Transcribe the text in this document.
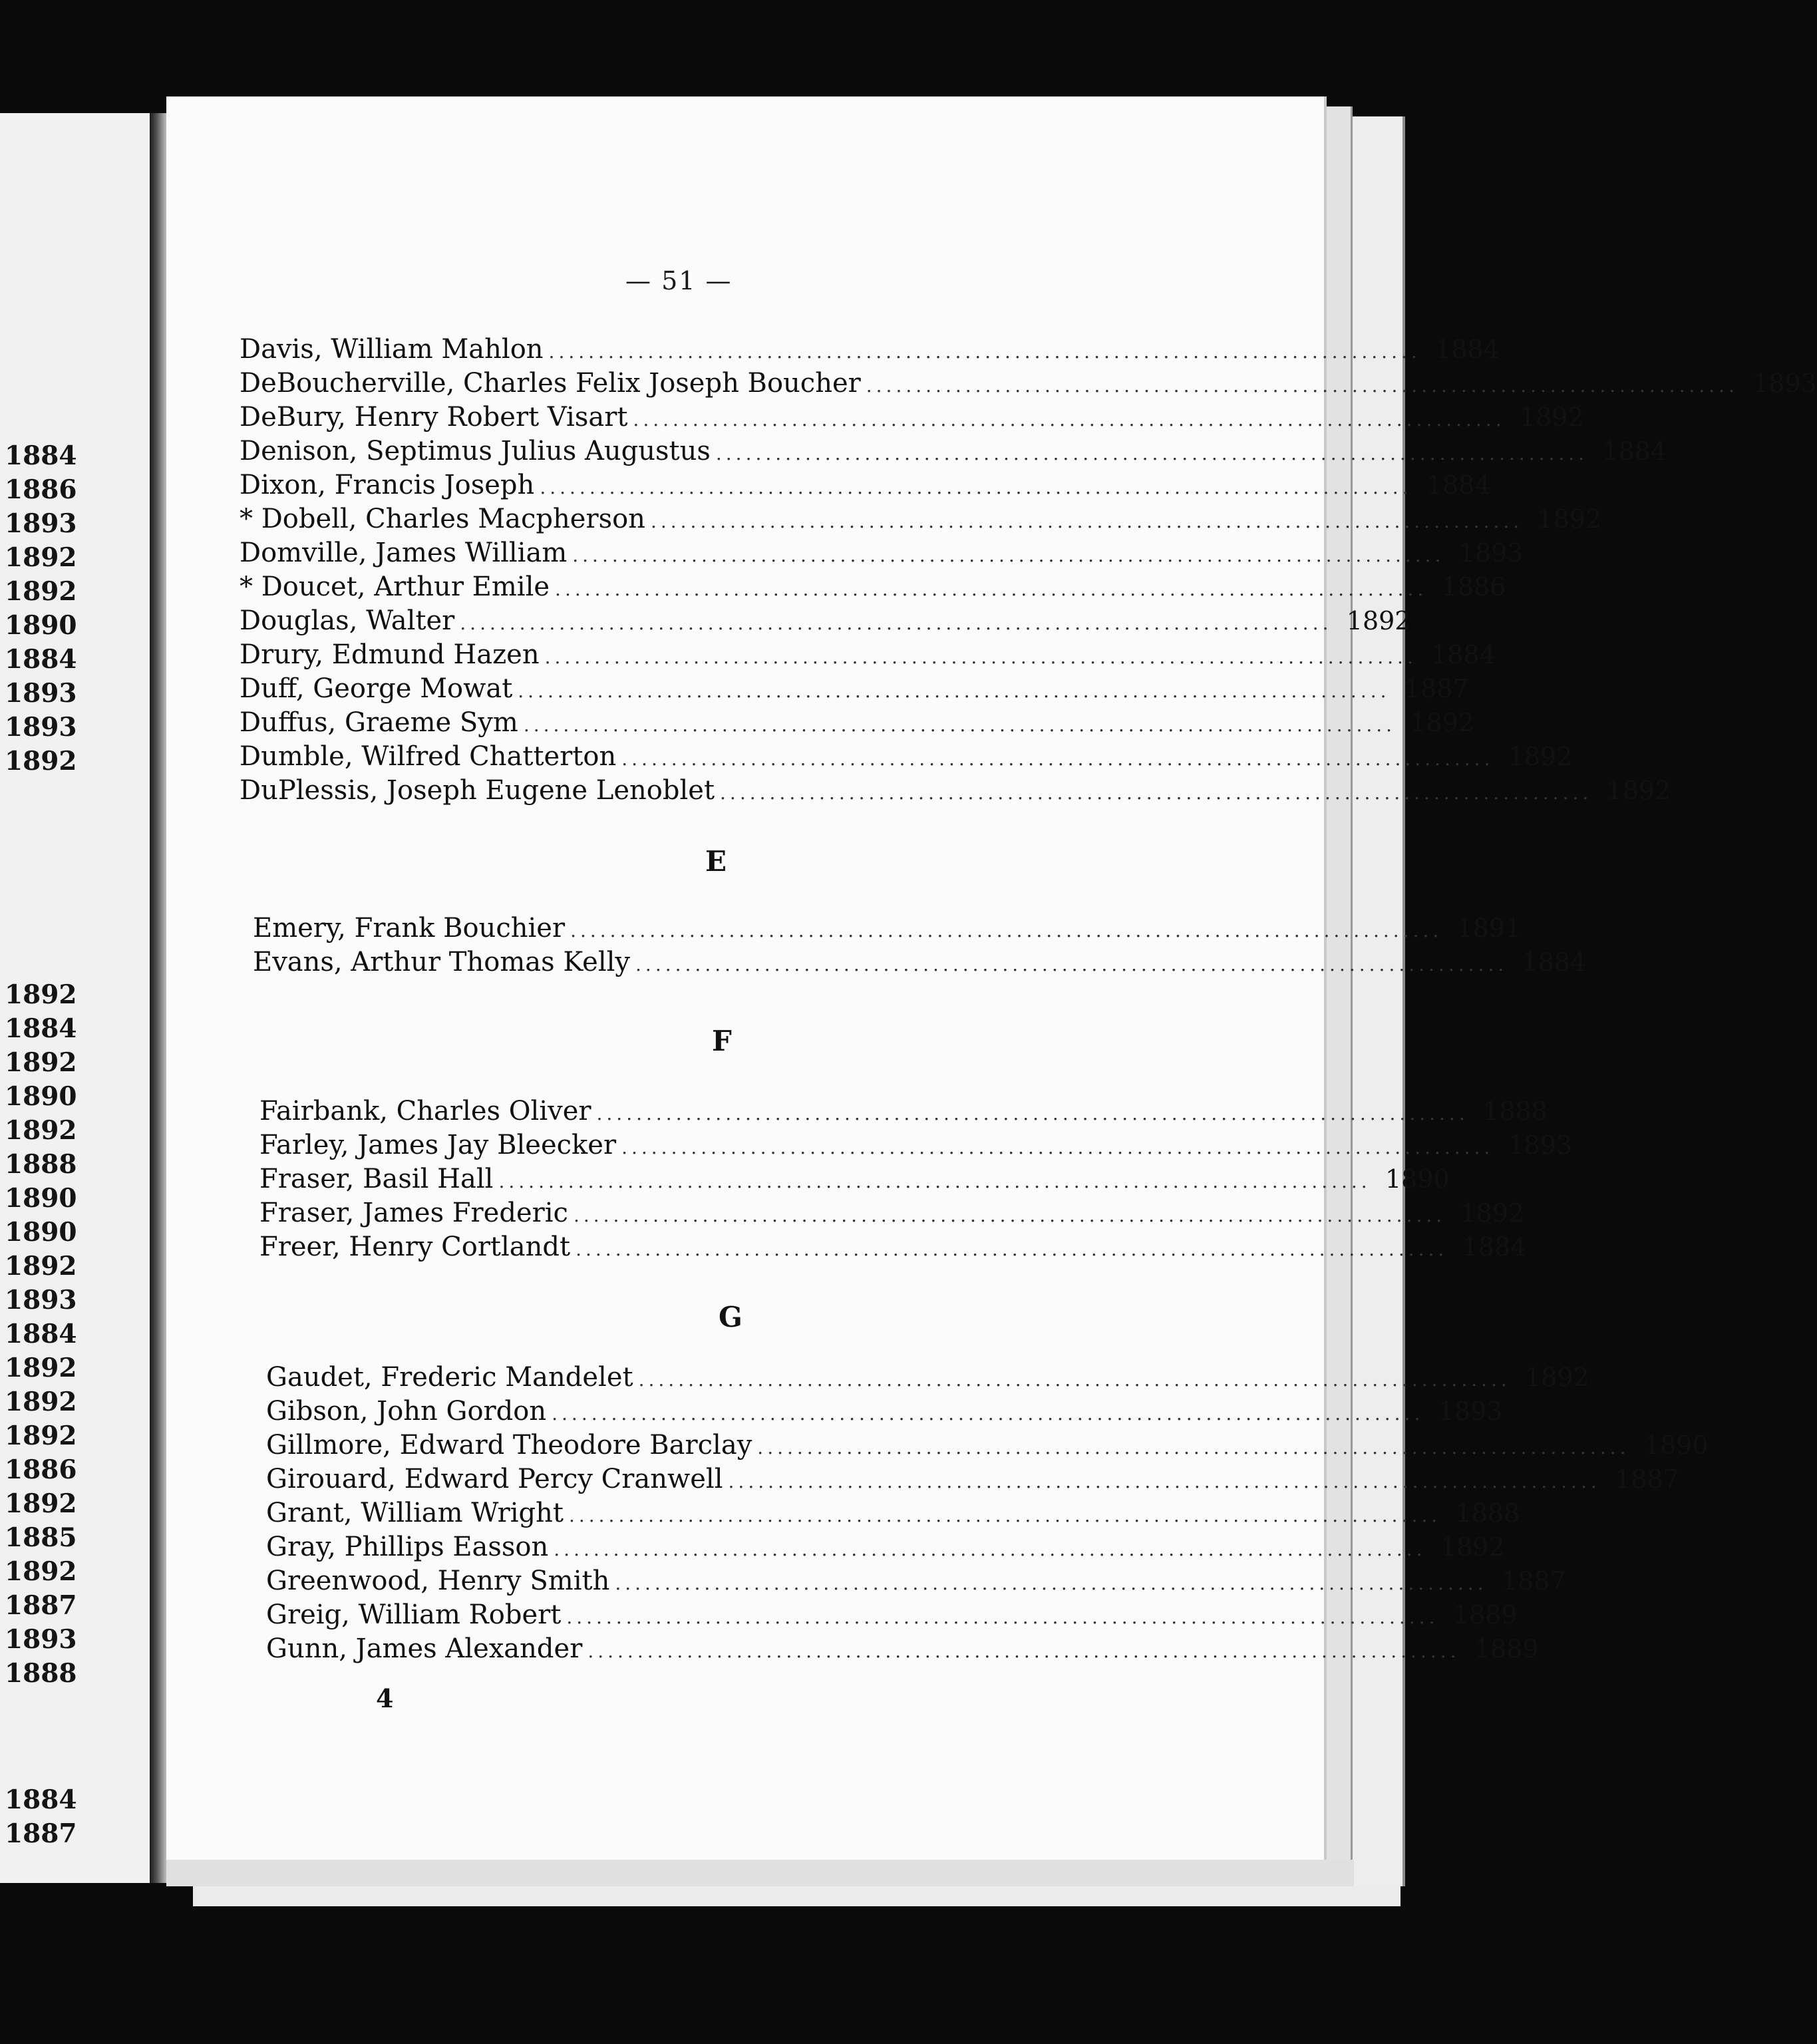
1884
1886
1893
1892
1892
1890
1884
1893
1893
1892
1892
1884
1892
1890
1892
1888
1890
1890
1892
1893
1884
1892
1892
1892
1886
1892
1885
1892
1887
1893
1888
1884
1887
— 51 —
Davis, William Mahlon ........................................................................................ 1884
DeBoucherville, Charles Felix Joseph Boucher ........................................................................................ 1893
DeBury, Henry Robert Visart ........................................................................................ 1892
Denison, Septimus Julius Augustus ........................................................................................ 1884
Dixon, Francis Joseph ........................................................................................ 1884
* Dobell, Charles Macpherson ........................................................................................ 1892
Domville, James William ........................................................................................ 1893
* Doucet, Arthur Emile ........................................................................................ 1886
Douglas, Walter ........................................................................................ 1892
Drury, Edmund Hazen ........................................................................................ 1884
Duff, George Mowat ........................................................................................ 1887
Duffus, Graeme Sym ........................................................................................ 1892
Dumble, Wilfred Chatterton ........................................................................................ 1892
DuPlessis, Joseph Eugene Lenoblet ........................................................................................ 1892
E
Emery, Frank Bouchier ........................................................................................ 1891
Evans, Arthur Thomas Kelly ........................................................................................ 1884
F
Fairbank, Charles Oliver ........................................................................................ 1888
Farley, James Jay Bleecker ........................................................................................ 1893
Fraser, Basil Hall ........................................................................................ 1890
Fraser, James Frederic ........................................................................................ 1892
Freer, Henry Cortlandt ........................................................................................ 1884
G
Gaudet, Frederic Mandelet ........................................................................................ 1892
Gibson, John Gordon ........................................................................................ 1893
Gillmore, Edward Theodore Barclay ........................................................................................ 1890
Girouard, Edward Percy Cranwell ........................................................................................ 1887
Grant, William Wright ........................................................................................ 1888
Gray, Phillips Easson ........................................................................................ 1892
Greenwood, Henry Smith ........................................................................................ 1887
Greig, William Robert ........................................................................................ 1889
Gunn, James Alexander ........................................................................................ 1889
4
